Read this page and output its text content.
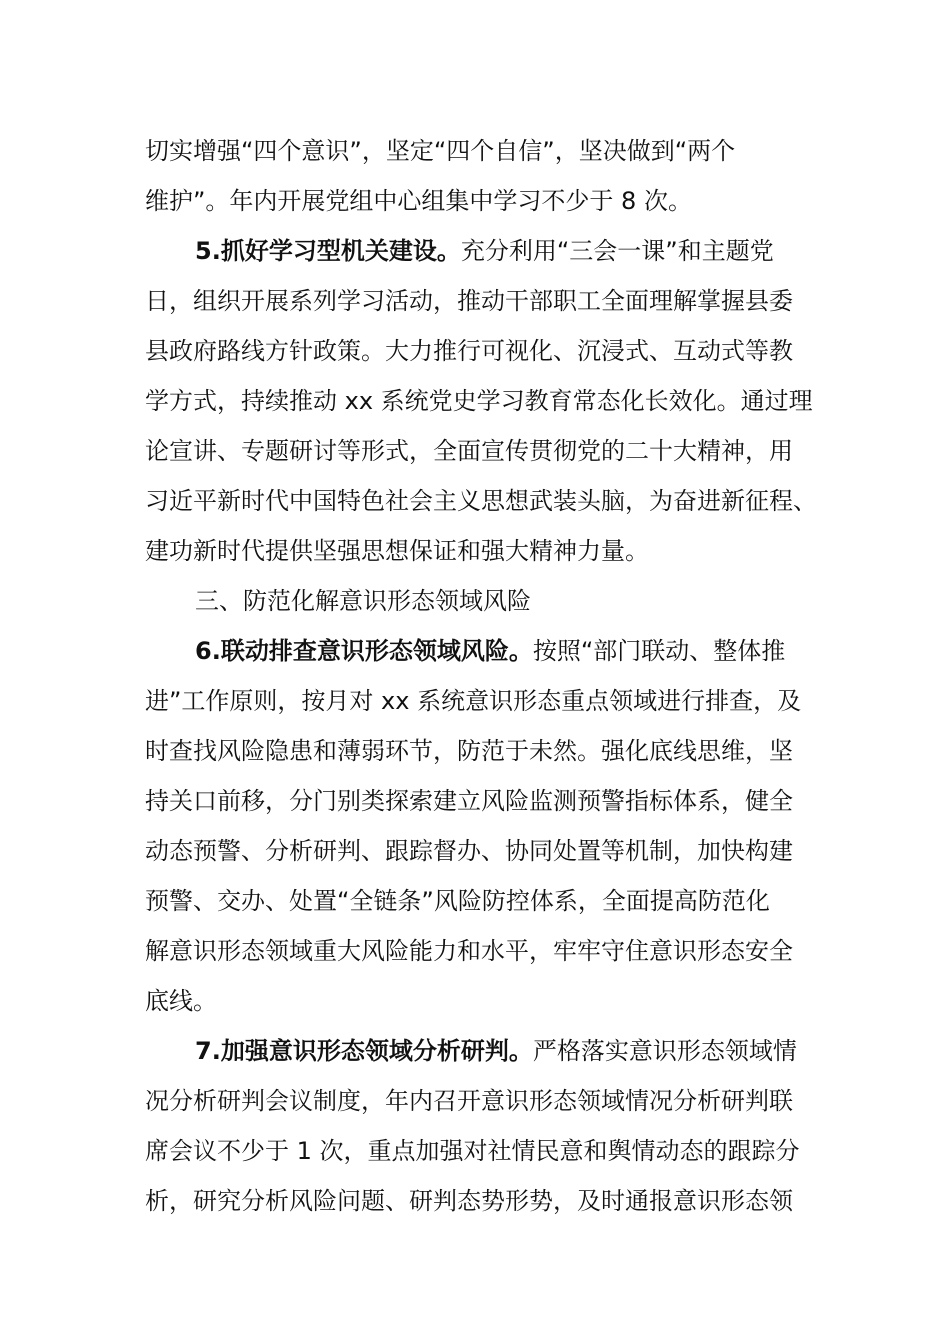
切实增强“四个意识”，坚定“四个自信”，坚决做到“两个
维护”。年内开展党组中心组集中学习不少于 8 次。
5.抓好学习型机关建设。充分利用“三会一课”和主题党
日，组织开展系列学习活动，推动干部职工全面理解掌握县委
县政府路线方针政策。大力推行可视化、沉浸式、互动式等教
学方式，持续推动 xx 系统党史学习教育常态化长效化。通过理
论宣讲、专题研讨等形式，全面宣传贯彻党的二十大精神，用
习近平新时代中国特色社会主义思想武装头脑，为奋进新征程、
建功新时代提供坚强思想保证和强大精神力量。
三、防范化解意识形态领域风险
6.联动排查意识形态领域风险。按照“部门联动、整体推
进”工作原则，按月对 xx 系统意识形态重点领域进行排查，及
时查找风险隐患和薄弱环节，防范于未然。强化底线思维，坚
持关口前移，分门别类探索建立风险监测预警指标体系，健全
动态预警、分析研判、跟踪督办、协同处置等机制，加快构建
预警、交办、处置“全链条”风险防控体系，全面提高防范化
解意识形态领域重大风险能力和水平，牢牢守住意识形态安全
底线。
7.加强意识形态领域分析研判。严格落实意识形态领域情
况分析研判会议制度，年内召开意识形态领域情况分析研判联
席会议不少于 1 次，重点加强对社情民意和舆情动态的跟踪分
析，研究分析风险问题、研判态势形势，及时通报意识形态领
